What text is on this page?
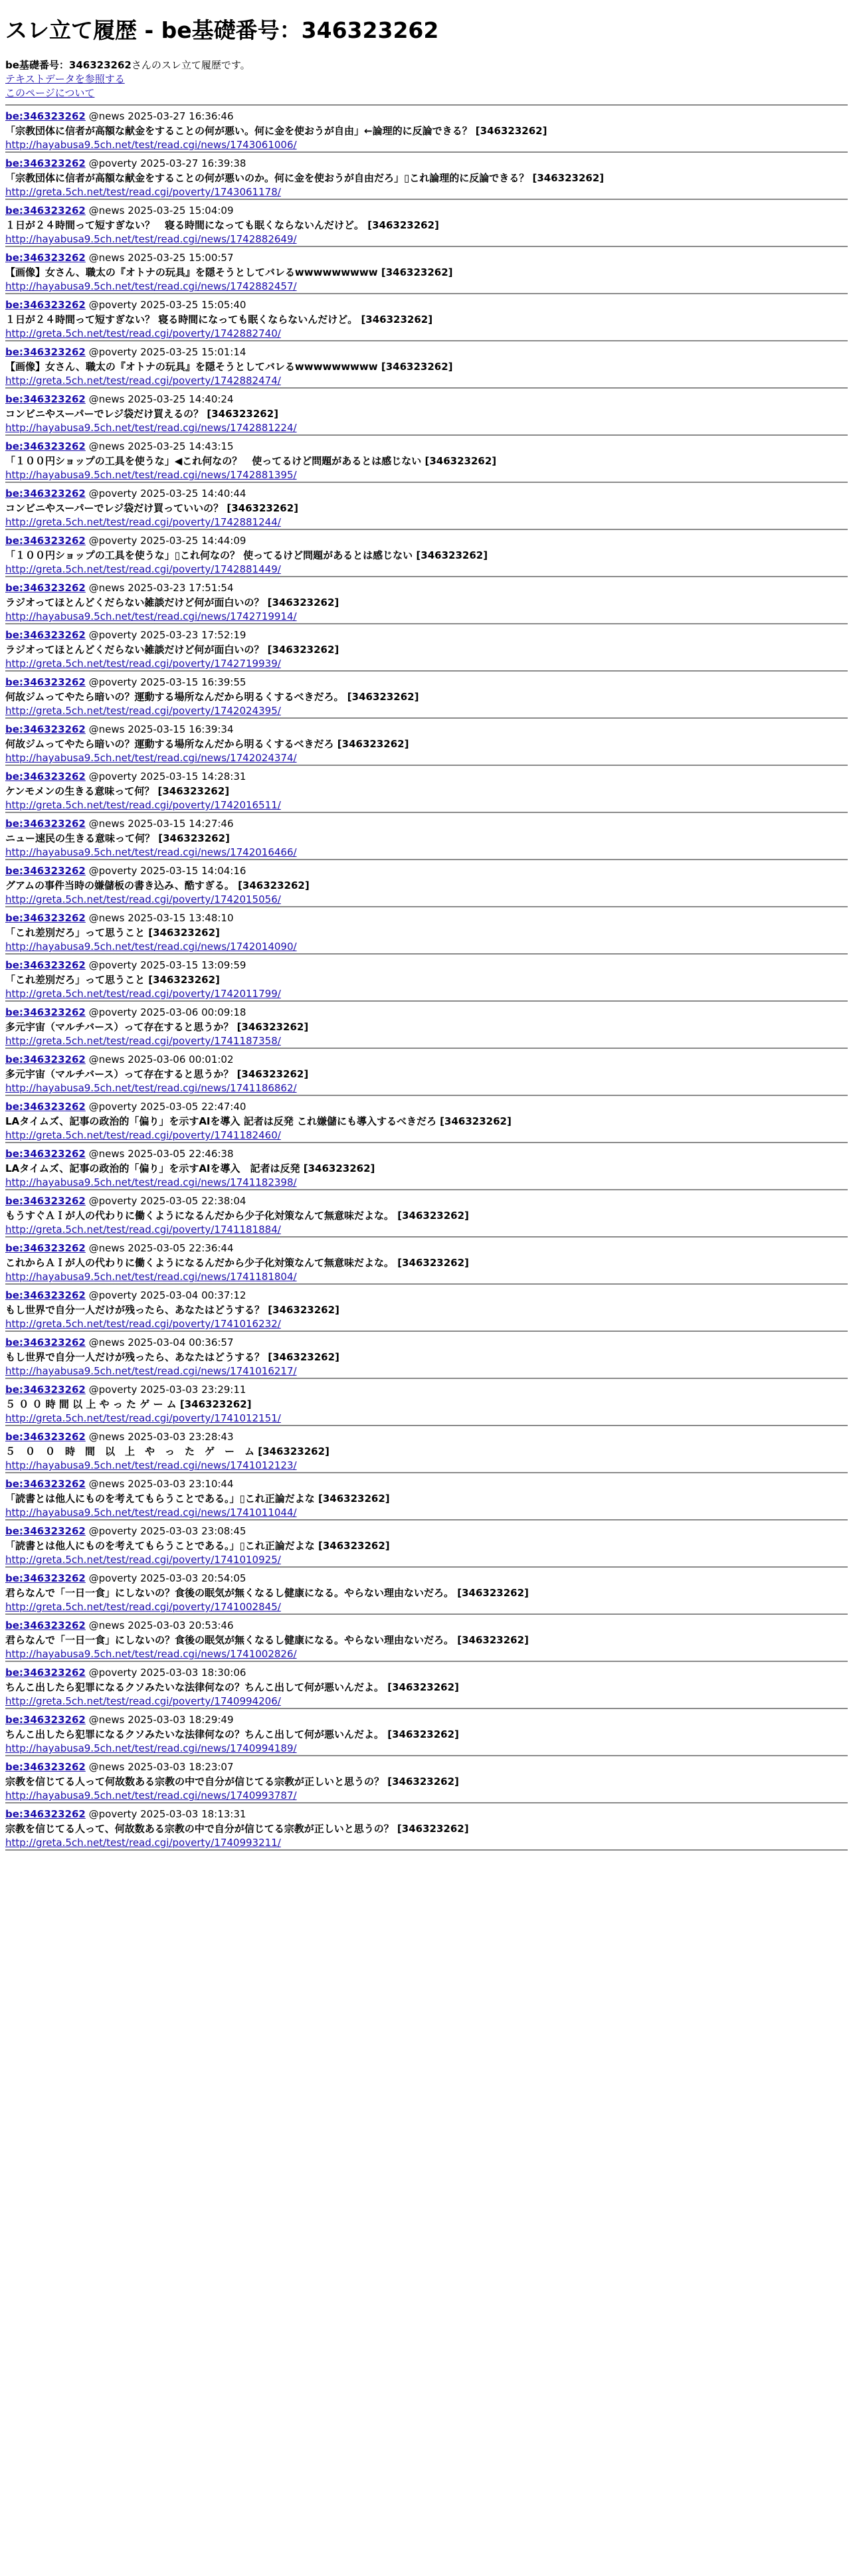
スレ立て履歴 - be基礎番号：346323262
be基礎番号：346323262さんのスレ立て履歴です。
テキストデータを参照する
このページについて
be:346323262 @news 2025-03-27 16:36:46
「宗教団体に信者が高額な献金をすることの何が悪い。何に金を使おうが自由」←論理的に反論できる？ [346323262]
http://hayabusa9.5ch.net/test/read.cgi/news/1743061006/
be:346323262 @poverty 2025-03-27 16:39:38
「宗教団体に信者が高額な献金をすることの何が悪いのか。何に金を使おうが自由だろ」▯これ論理的に反論できる？ [346323262]
http://greta.5ch.net/test/read.cgi/poverty/1743061178/
be:346323262 @news 2025-03-25 15:04:09
１日が２４時間って短すぎない？　寝る時間になっても眠くならないんだけど。 [346323262]
http://hayabusa9.5ch.net/test/read.cgi/news/1742882649/
be:346323262 @news 2025-03-25 15:00:57
【画像】女さん、職太の『オトナの玩具』を隠そうとしてバレるwwwwwwwww [346323262]
http://hayabusa9.5ch.net/test/read.cgi/news/1742882457/
be:346323262 @poverty 2025-03-25 15:05:40
１日が２４時間って短すぎない？ 寝る時間になっても眠くならないんだけど。 [346323262]
http://greta.5ch.net/test/read.cgi/poverty/1742882740/
be:346323262 @poverty 2025-03-25 15:01:14
【画像】女さん、職太の『オトナの玩具』を隠そうとしてバレるwwwwwwwww [346323262]
http://greta.5ch.net/test/read.cgi/poverty/1742882474/
be:346323262 @news 2025-03-25 14:40:24
コンビニやスーパーでレジ袋だけ買えるの？ [346323262]
http://hayabusa9.5ch.net/test/read.cgi/news/1742881224/
be:346323262 @news 2025-03-25 14:43:15
「１００円ショップの工具を使うな」◀これ何なの？　使ってるけど問題があるとは感じない [346323262]
http://hayabusa9.5ch.net/test/read.cgi/news/1742881395/
be:346323262 @poverty 2025-03-25 14:40:44
コンビニやスーパーでレジ袋だけ買っていいの？ [346323262]
http://greta.5ch.net/test/read.cgi/poverty/1742881244/
be:346323262 @poverty 2025-03-25 14:44:09
「１００円ショップの工具を使うな」▯これ何なの？ 使ってるけど問題があるとは感じない [346323262]
http://greta.5ch.net/test/read.cgi/poverty/1742881449/
be:346323262 @news 2025-03-23 17:51:54
ラジオってほとんどくだらない雑談だけど何が面白いの？ [346323262]
http://hayabusa9.5ch.net/test/read.cgi/news/1742719914/
be:346323262 @poverty 2025-03-23 17:52:19
ラジオってほとんどくだらない雑談だけど何が面白いの？ [346323262]
http://greta.5ch.net/test/read.cgi/poverty/1742719939/
be:346323262 @poverty 2025-03-15 16:39:55
何故ジムってやたら暗いの？運動する場所なんだから明るくするべきだろ。 [346323262]
http://greta.5ch.net/test/read.cgi/poverty/1742024395/
be:346323262 @news 2025-03-15 16:39:34
何故ジムってやたら暗いの？運動する場所なんだから明るくするべきだろ [346323262]
http://hayabusa9.5ch.net/test/read.cgi/news/1742024374/
be:346323262 @poverty 2025-03-15 14:28:31
ケンモメンの生きる意味って何？ [346323262]
http://greta.5ch.net/test/read.cgi/poverty/1742016511/
be:346323262 @news 2025-03-15 14:27:46
ニュー速民の生きる意味って何？ [346323262]
http://hayabusa9.5ch.net/test/read.cgi/news/1742016466/
be:346323262 @poverty 2025-03-15 14:04:16
グアムの事件当時の嫌儲板の書き込み、酷すぎる。 [346323262]
http://greta.5ch.net/test/read.cgi/poverty/1742015056/
be:346323262 @news 2025-03-15 13:48:10
「これ差別だろ」って思うこと [346323262]
http://hayabusa9.5ch.net/test/read.cgi/news/1742014090/
be:346323262 @poverty 2025-03-15 13:09:59
「これ差別だろ」って思うこと [346323262]
http://greta.5ch.net/test/read.cgi/poverty/1742011799/
be:346323262 @poverty 2025-03-06 00:09:18
多元宇宙（マルチバース）って存在すると思うか？ [346323262]
http://greta.5ch.net/test/read.cgi/poverty/1741187358/
be:346323262 @news 2025-03-06 00:01:02
多元宇宙（マルチバース）って存在すると思うか？ [346323262]
http://hayabusa9.5ch.net/test/read.cgi/news/1741186862/
be:346323262 @poverty 2025-03-05 22:47:40
LAタイムズ、記事の政治的「偏り」を示すAIを導入 記者は反発 これ嫌儲にも導入するべきだろ [346323262]
http://greta.5ch.net/test/read.cgi/poverty/1741182460/
be:346323262 @news 2025-03-05 22:46:38
LAタイムズ、記事の政治的「偏り」を示すAIを導入　記者は反発 [346323262]
http://hayabusa9.5ch.net/test/read.cgi/news/1741182398/
be:346323262 @poverty 2025-03-05 22:38:04
もうすぐＡＩが人の代わりに働くようになるんだから少子化対策なんて無意味だよな。 [346323262]
http://greta.5ch.net/test/read.cgi/poverty/1741181884/
be:346323262 @news 2025-03-05 22:36:44
これからＡＩが人の代わりに働くようになるんだから少子化対策なんて無意味だよな。 [346323262]
http://hayabusa9.5ch.net/test/read.cgi/news/1741181804/
be:346323262 @poverty 2025-03-04 00:37:12
もし世界で自分一人だけが残ったら、あなたはどうする？ [346323262]
http://greta.5ch.net/test/read.cgi/poverty/1741016232/
be:346323262 @news 2025-03-04 00:36:57
もし世界で自分一人だけが残ったら、あなたはどうする？ [346323262]
http://hayabusa9.5ch.net/test/read.cgi/news/1741016217/
be:346323262 @poverty 2025-03-03 23:29:11
５ ０ ０ 時 間 以 上 や っ た ゲ ー ム [346323262]
http://greta.5ch.net/test/read.cgi/poverty/1741012151/
be:346323262 @news 2025-03-03 23:28:43
５　０　０　時　間　以　上　や　っ　た　ゲ　ー　ム [346323262]
http://hayabusa9.5ch.net/test/read.cgi/news/1741012123/
be:346323262 @news 2025-03-03 23:10:44
「読書とは他人にものを考えてもらうことである。」▯これ正論だよな [346323262]
http://hayabusa9.5ch.net/test/read.cgi/news/1741011044/
be:346323262 @poverty 2025-03-03 23:08:45
「読書とは他人にものを考えてもらうことである。」▯これ正論だよな [346323262]
http://greta.5ch.net/test/read.cgi/poverty/1741010925/
be:346323262 @poverty 2025-03-03 20:54:05
君らなんで「一日一食」にしないの？食後の眠気が無くなるし健康になる。やらない理由ないだろ。 [346323262]
http://greta.5ch.net/test/read.cgi/poverty/1741002845/
be:346323262 @news 2025-03-03 20:53:46
君らなんで「一日一食」にしないの？食後の眠気が無くなるし健康になる。やらない理由ないだろ。 [346323262]
http://hayabusa9.5ch.net/test/read.cgi/news/1741002826/
be:346323262 @poverty 2025-03-03 18:30:06
ちんこ出したら犯罪になるクソみたいな法律何なの？ちんこ出して何が悪いんだよ。 [346323262]
http://greta.5ch.net/test/read.cgi/poverty/1740994206/
be:346323262 @news 2025-03-03 18:29:49
ちんこ出したら犯罪になるクソみたいな法律何なの？ちんこ出して何が悪いんだよ。 [346323262]
http://hayabusa9.5ch.net/test/read.cgi/news/1740994189/
be:346323262 @news 2025-03-03 18:23:07
宗教を信じてる人って何故数ある宗教の中で自分が信じてる宗教が正しいと思うの？ [346323262]
http://hayabusa9.5ch.net/test/read.cgi/news/1740993787/
be:346323262 @poverty 2025-03-03 18:13:31
宗教を信じてる人って、何故数ある宗教の中で自分が信じてる宗教が正しいと思うの？ [346323262]
http://greta.5ch.net/test/read.cgi/poverty/1740993211/
